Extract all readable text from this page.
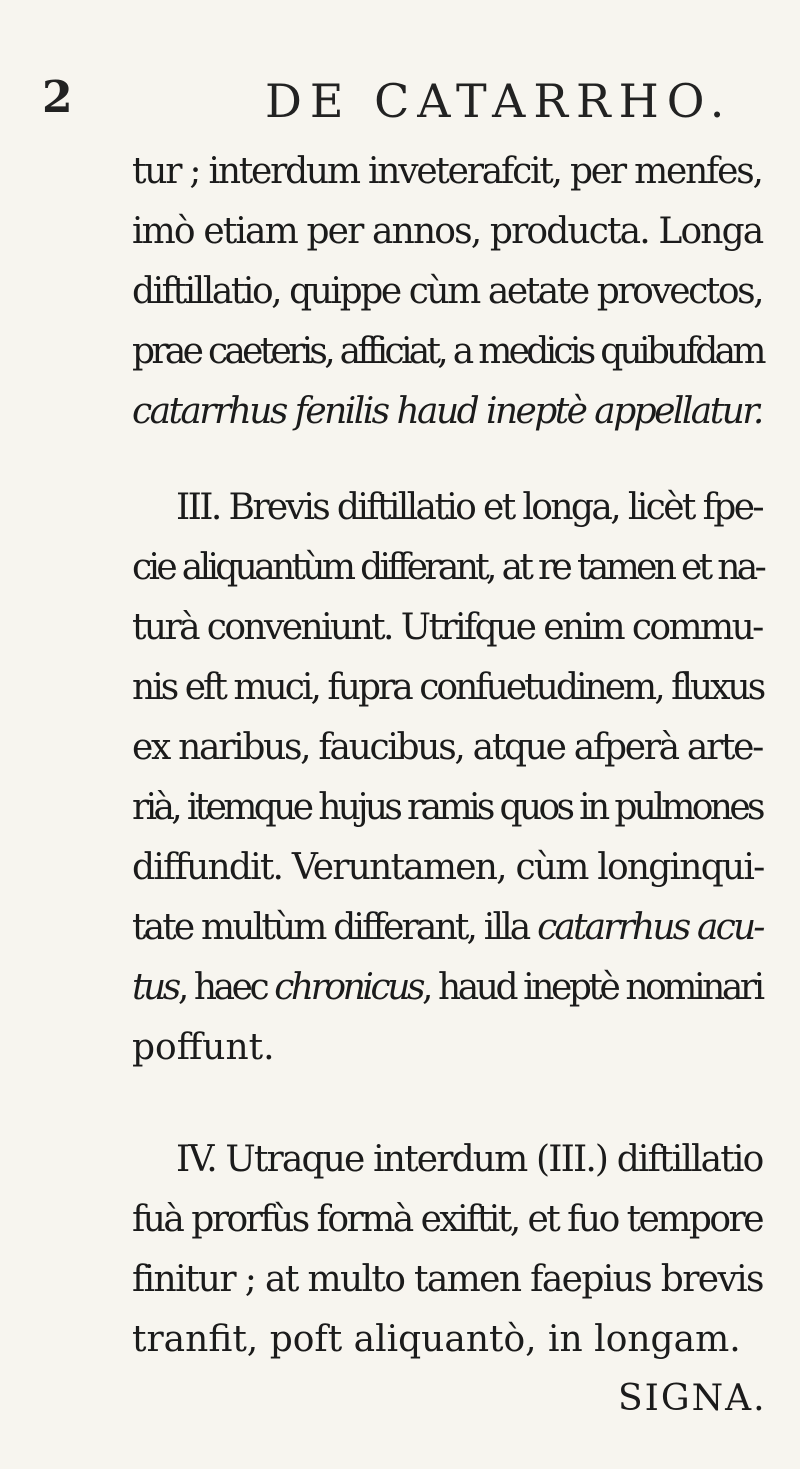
2	DE CATARRHO.
tur ; interdum inveterafcit, per menfes,
imò etiam per annos, producta. Longa
diftillatio, quippe cùm aetate provectos,
prae caeteris, afficiat, a medicis quibufdam
catarrhus fenilis haud ineptè appellatur.
III. Brevis diftillatio et longa, licèt fpe-
cie aliquantùm differant, at re tamen et na-
turà conveniunt. Utrifque enim commu-
nis eft muci, fupra confuetudinem, fluxus
ex naribus, faucibus, atque afperà arte-
rià, itemque hujus ramis quos in pulmones
diffundit. Veruntamen, cùm longinqui-
tate multùm differant, illa catarrhus acu-
tus, haec chronicus, haud ineptè nominari
poffunt.
IV. Utraque interdum (III.) diftillatio
fuà prorfùs formà exiftit, et fuo tempore
finitur ; at multo tamen faepius brevis
tranfit, poft aliquantò, in longam.
SIGNA.
